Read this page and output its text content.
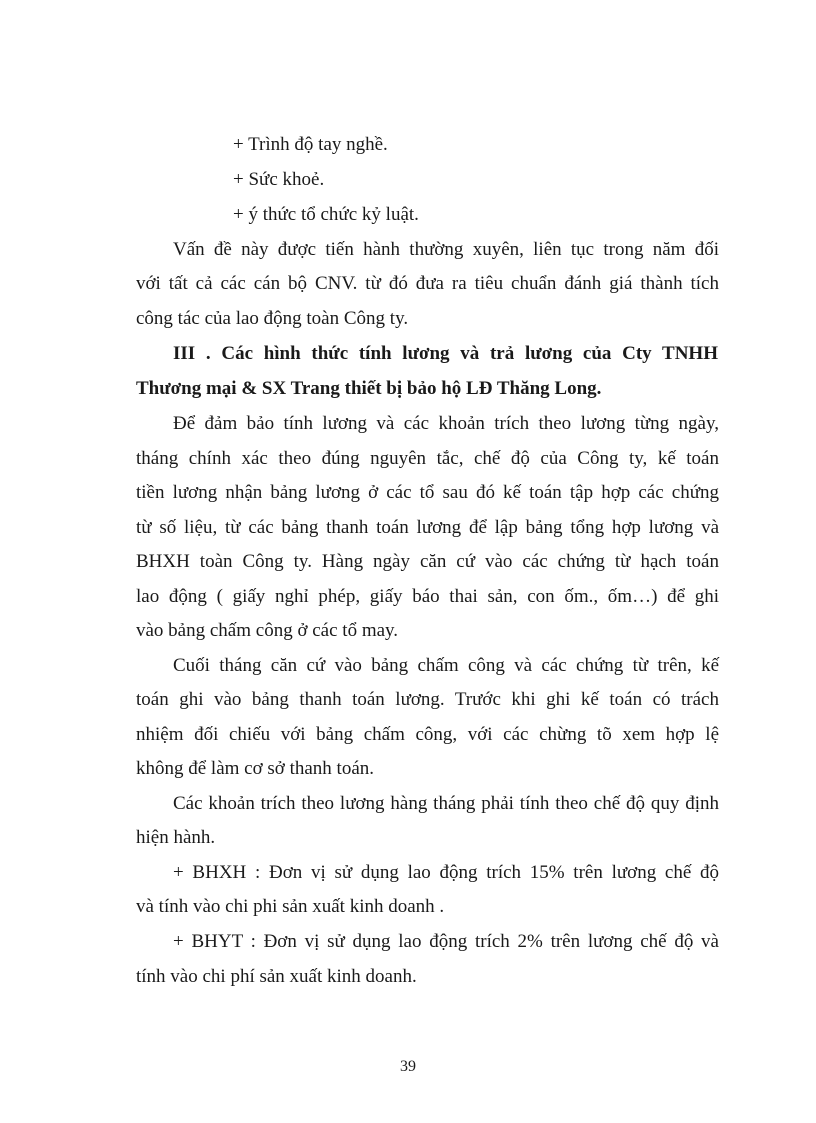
+ Trình độ tay nghề.

+ Sức khoẻ.

+ ý thức tổ chức kỷ luật.

Vấn đề này được tiến hành thường xuyên, liên tục trong năm đối

với tất cả các cán bộ CNV. từ đó đưa ra tiêu chuẩn đánh giá thành tích

công tác của lao động toàn Công ty.

III . Các hình thức tính lương và trả lương của Cty TNHH

Thương mại & SX Trang thiết bị bảo hộ LĐ Thăng Long.

Để đảm bảo tính lương và các khoản trích theo lương từng ngày,

tháng chính xác theo đúng nguyên tắc, chế độ của Công ty, kế toán

tiền lương nhận bảng lương ở các tổ sau đó kế toán tập hợp các chứng

từ số liệu, từ các bảng thanh toán lương để lập bảng tổng hợp lương và

BHXH toàn Công ty. Hàng ngày căn cứ vào các chứng từ hạch toán

lao động ( giấy nghỉ phép, giấy báo thai sản, con ốm., ốm…) để ghi

vào bảng chấm công ở các tổ may.

Cuối tháng căn cứ vào bảng chấm công và các chứng từ trên, kế

toán ghi vào bảng thanh toán lương. Trước khi ghi kế toán có trách

nhiệm đối chiếu với bảng chấm công, với các chừng tõ xem hợp lệ

không để làm cơ sở thanh toán.

Các khoản trích theo lương hàng tháng phải tính theo chế độ quy định

hiện hành.

+ BHXH : Đơn vị sử dụng lao động trích 15% trên lương chế độ

và tính vào chi phi sản xuất kinh doanh .

+ BHYT : Đơn vị sử dụng lao động trích 2% trên lương chế độ và

tính vào chi phí sản xuất kinh doanh.

39
